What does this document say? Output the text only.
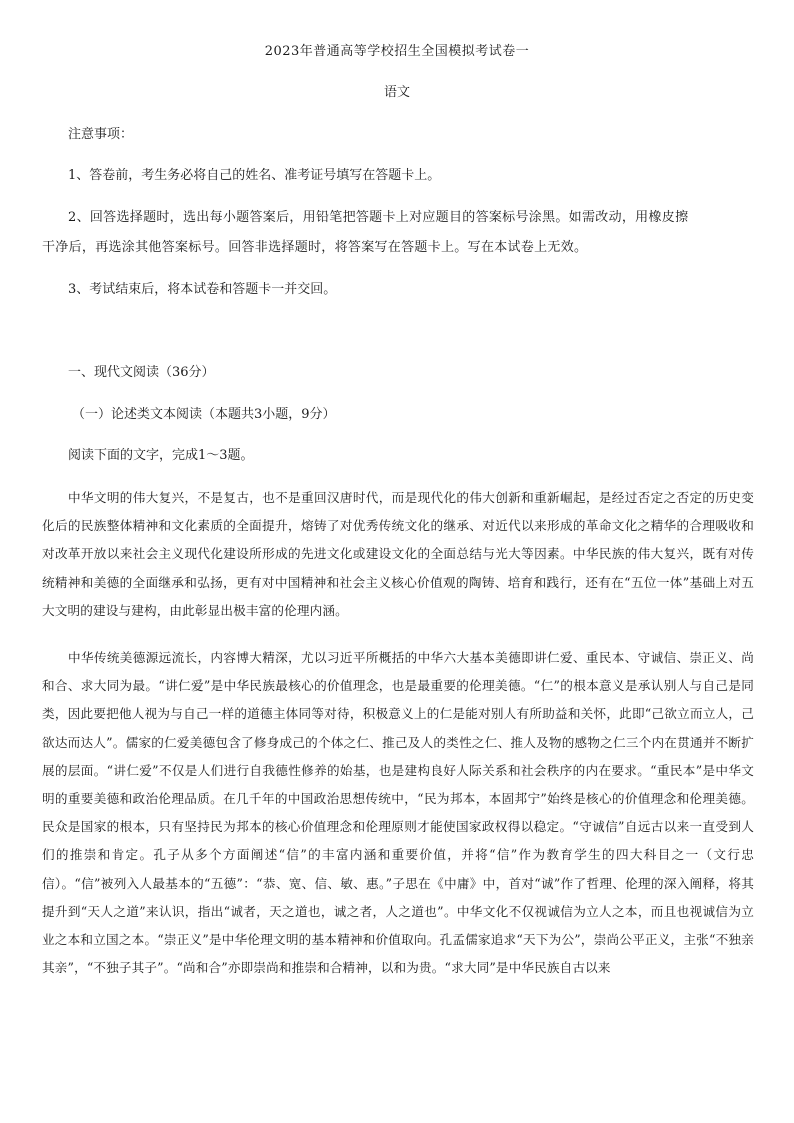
2023年普通高等学校招生全国模拟考试卷一
语文
注意事项：
1、答卷前，考生务必将自己的姓名、准考证号填写在答题卡上。
2、回答选择题时，选出每小题答案后，用铅笔把答题卡上对应题目的答案标号涂黑。如需改动，用橡皮擦
干净后，再选涂其他答案标号。回答非选择题时，将答案写在答题卡上。写在本试卷上无效。
3、考试结束后，将本试卷和答题卡一并交回。
一、现代文阅读（36分）
（一）论述类文本阅读（本题共3小题，9分）
阅读下面的文字，完成1～3题。
中华文明的伟大复兴，不是复古，也不是重回汉唐时代，而是现代化的伟大创新和重新崛起，是经过否定之否定的历史变化后的民族整体精神和文化素质的全面提升，熔铸了对优秀传统文化的继承、对近代以来形成的革命文化之精华的合理吸收和对改革开放以来社会主义现代化建设所形成的先进文化或建设文化的全面总结与光大等因素。中华民族的伟大复兴，既有对传统精神和美德的全面继承和弘扬，更有对中国精神和社会主义核心价值观的陶铸、培育和践行，还有在“五位一体”基础上对五大文明的建设与建构，由此彰显出极丰富的伦理内涵。
中华传统美德源远流长，内容博大精深，尤以习近平所概括的中华六大基本美德即讲仁爱、重民本、守诚信、崇正义、尚和合、求大同为最。“讲仁爱”是中华民族最核心的价值理念，也是最重要的伦理美德。“仁”的根本意义是承认别人与自己是同类，因此要把他人视为与自己一样的道德主体同等对待，积极意义上的仁是能对别人有所助益和关怀，此即“己欲立而立人，己欲达而达人”。儒家的仁爱美德包含了修身成己的个体之仁、推己及人的类性之仁、推人及物的感物之仁三个内在贯通并不断扩展的层面。“讲仁爱”不仅是人们进行自我德性修养的始基，也是建构良好人际关系和社会秩序的内在要求。“重民本”是中华文明的重要美德和政治伦理品质。在几千年的中国政治思想传统中，“民为邦本，本固邦宁”始终是核心的价值理念和伦理美德。民众是国家的根本，只有坚持民为邦本的核心价值理念和伦理原则才能使国家政权得以稳定。“守诚信”自远古以来一直受到人们的推崇和肯定。孔子从多个方面阐述“信”的丰富内涵和重要价值，并将“信”作为教育学生的四大科目之一（文行忠信）。“信”被列入人最基本的“五德”：“恭、宽、信、敏、惠。”子思在《中庸》中，首对“诚”作了哲理、伦理的深入阐释，将其提升到“天人之道”来认识，指出“诚者，天之道也，诚之者，人之道也”。中华文化不仅视诚信为立人之本，而且也视诚信为立业之本和立国之本。“崇正义”是中华伦理文明的基本精神和价值取向。孔孟儒家追求“天下为公”，崇尚公平正义，主张“不独亲其亲”，“不独子其子”。“尚和合”亦即崇尚和推崇和合精神，以和为贵。“求大同”是中华民族自古以来
